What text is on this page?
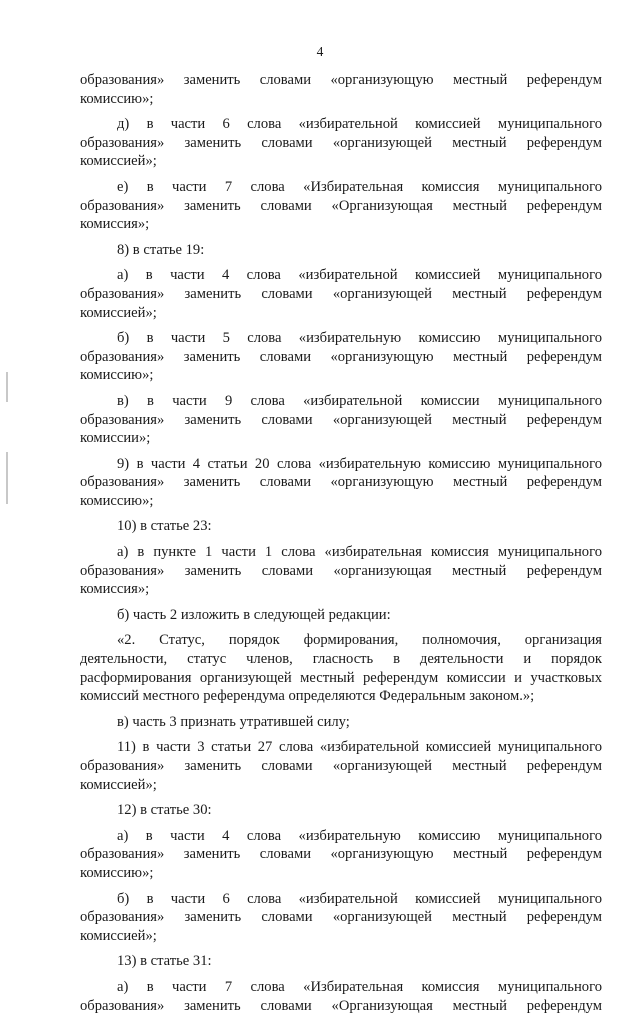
4
образования» заменить словами «организующую местный референдум
комиссию»;
д) в части 6 слова «избирательной комиссией муниципального
образования» заменить словами «организующей местный референдум
комиссией»;
е) в части 7 слова «Избирательная комиссия муниципального
образования» заменить словами «Организующая местный референдум
комиссия»;
8) в статье 19:
а) в части 4 слова «избирательной комиссией муниципального
образования» заменить словами «организующей местный референдум
комиссией»;
б) в части 5 слова «избирательную комиссию муниципального
образования» заменить словами «организующую местный референдум
комиссию»;
в) в части 9 слова «избирательной комиссии муниципального
образования» заменить словами «организующей местный референдум
комиссии»;
9) в части 4 статьи 20 слова «избирательную комиссию муниципального
образования» заменить словами «организующую местный референдум
комиссию»;
10) в статье 23:
а) в пункте 1 части 1 слова «избирательная комиссия муниципального
образования» заменить словами «организующая местный референдум
комиссия»;
б) часть 2 изложить в следующей редакции:
«2. Статус, порядок формирования, полномочия, организация
деятельности, статус членов, гласность в деятельности и порядок
расформирования организующей местный референдум комиссии и участковых
комиссий местного референдума определяются Федеральным законом.»;
в) часть 3 признать утратившей силу;
11) в части 3 статьи 27 слова «избирательной комиссией муниципального
образования» заменить словами «организующей местный референдум
комиссией»;
12) в статье 30:
а) в части 4 слова «избирательную комиссию муниципального
образования» заменить словами «организующую местный референдум
комиссию»;
б) в части 6 слова «избирательной комиссией муниципального
образования» заменить словами «организующей местный референдум
комиссией»;
13) в статье 31:
а) в части 7 слова «Избирательная комиссия муниципального
образования» заменить словами «Организующая местный референдум
